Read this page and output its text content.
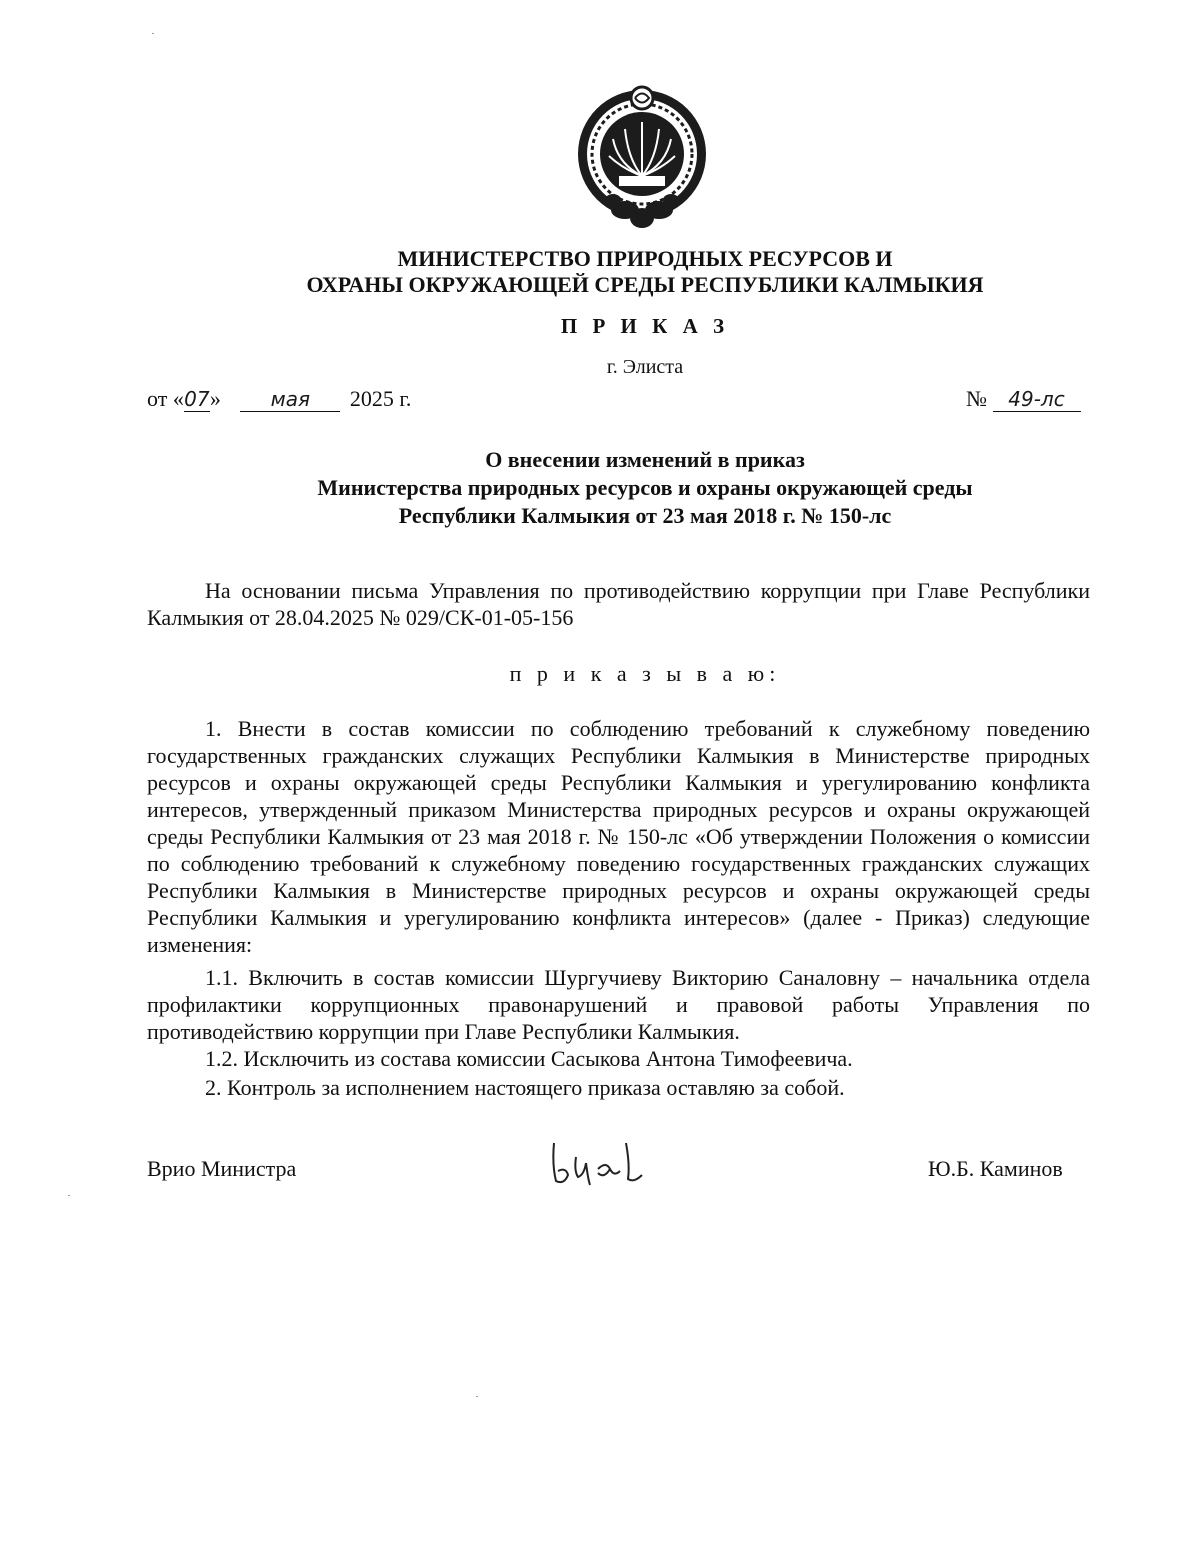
МИНИСТЕРСТВО ПРИРОДНЫХ РЕСУРСОВ И
ОХРАНЫ ОКРУЖАЮЩЕЙ СРЕДЫ РЕСПУБЛИКИ КАЛМЫКИЯ
П Р И К А З
г. Элиста
от «07» мая 2025 г.	№ 49-лс
О внесении изменений в приказ
Министерства природных ресурсов и охраны окружающей среды
Республики Калмыкия от 23 мая 2018 г. № 150-лс

На основании письма Управления по противодействию коррупции при Главе Республики Калмыкия от 28.04.2025 № 029/СК-01-05-156

п р и к а з ы в а ю:

1. Внести в состав комиссии по соблюдению требований к служебному поведению государственных гражданских служащих Республики Калмыкия в Министерстве природных ресурсов и охраны окружающей среды Республики Калмыкия и урегулированию конфликта интересов, утвержденный приказом Министерства природных ресурсов и охраны окружающей среды Республики Калмыкия от 23 мая 2018 г. № 150-лс «Об утверждении Положения о комиссии по соблюдению требований к служебному поведению государственных гражданских служащих Республики Калмыкия в Министерстве природных ресурсов и охраны окружающей среды Республики Калмыкия и урегулированию конфликта интересов» (далее - Приказ) следующие изменения:

1.1. Включить в состав комиссии Шургучиеву Викторию Саналовну – начальника отдела профилактики коррупционных правонарушений и правовой работы Управления по противодействию коррупции при Главе Республики Калмыкия.

1.2. Исключить из состава комиссии Сасыкова Антона Тимофеевича.

2. Контроль за исполнением настоящего приказа оставляю за собой.

Врио Министра	Ю.Б. Каминов
